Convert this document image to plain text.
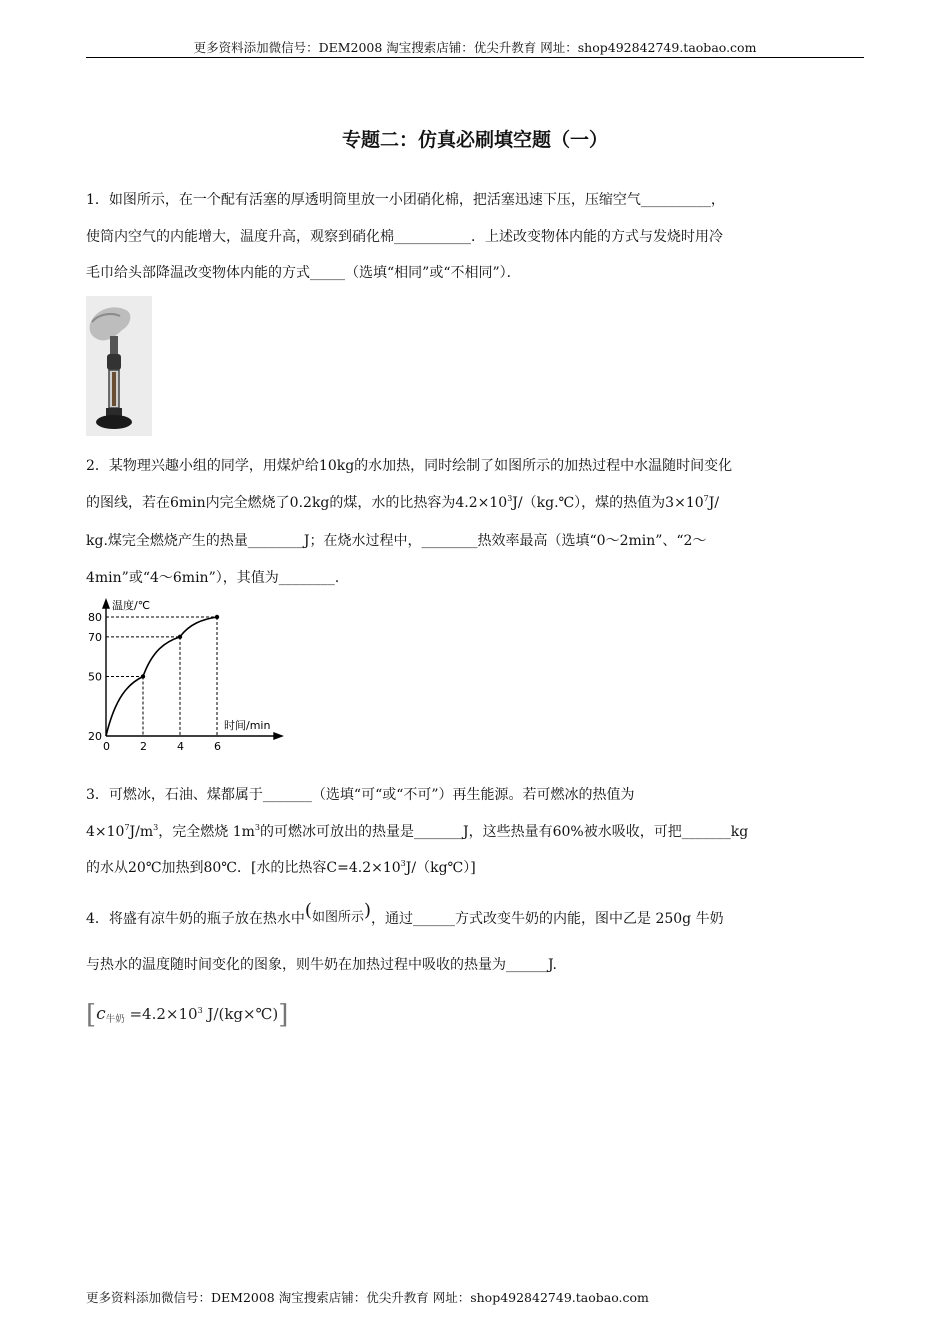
更多资料添加微信号：DEM2008 淘宝搜索店铺：优尖升教育 网址：shop492842749.taobao.com
专题二：仿真必刷填空题（一）
1．如图所示，在一个配有活塞的厚透明筒里放一小团硝化棉，把活塞迅速下压，压缩空气__________，
使筒内空气的内能增大，温度升高，观察到硝化棉___________．上述改变物体内能的方式与发烧时用冷
毛巾给头部降温改变物体内能的方式_____（选填“相同”或“不相同”）．
2．某物理兴趣小组的同学，用煤炉给10kg的水加热，同时绘制了如图所示的加热过程中水温随时间变化
的图线，若在6min内完全燃烧了0.2kg的煤，水的比热容为$4.2\times 10^3J/(kg.℃)$，煤的热值为$3\times 10^7J/$
kg.煤完全燃烧产生的热量________J；在烧水过程中，________热效率最高（选填“0～2min”、“2～
4min”或“4～6min”），其值为________.
温度/℃
时间/min
20
50
70
80
0	2	4	6
3．可燃冰，石油、煤都属于_______（选填“可“或“不可”）再生能源。若可燃冰的热值为
$4\times 10^7J/m^3$，完全燃烧 $1m^3$的可燃冰可放出的热量是_______J，这些热量有60%被水吸收，可把_______kg
的水从20℃加热到80℃．[水的比热容$C=4.2\times 10^3J/(kg℃)$]
4．将盛有凉牛奶的瓶子放在热水中(如图所示)，通过______方式改变牛奶的内能，图中乙是 250g 牛奶
与热水的温度随时间变化的图象，则牛奶在加热过程中吸收的热量为______J.
[$c_{牛奶} =4.2\times 10^3$ J/(kg×℃)]
更多资料添加微信号：DEM2008 淘宝搜索店铺：优尖升教育 网址：shop492842749.taobao.com
